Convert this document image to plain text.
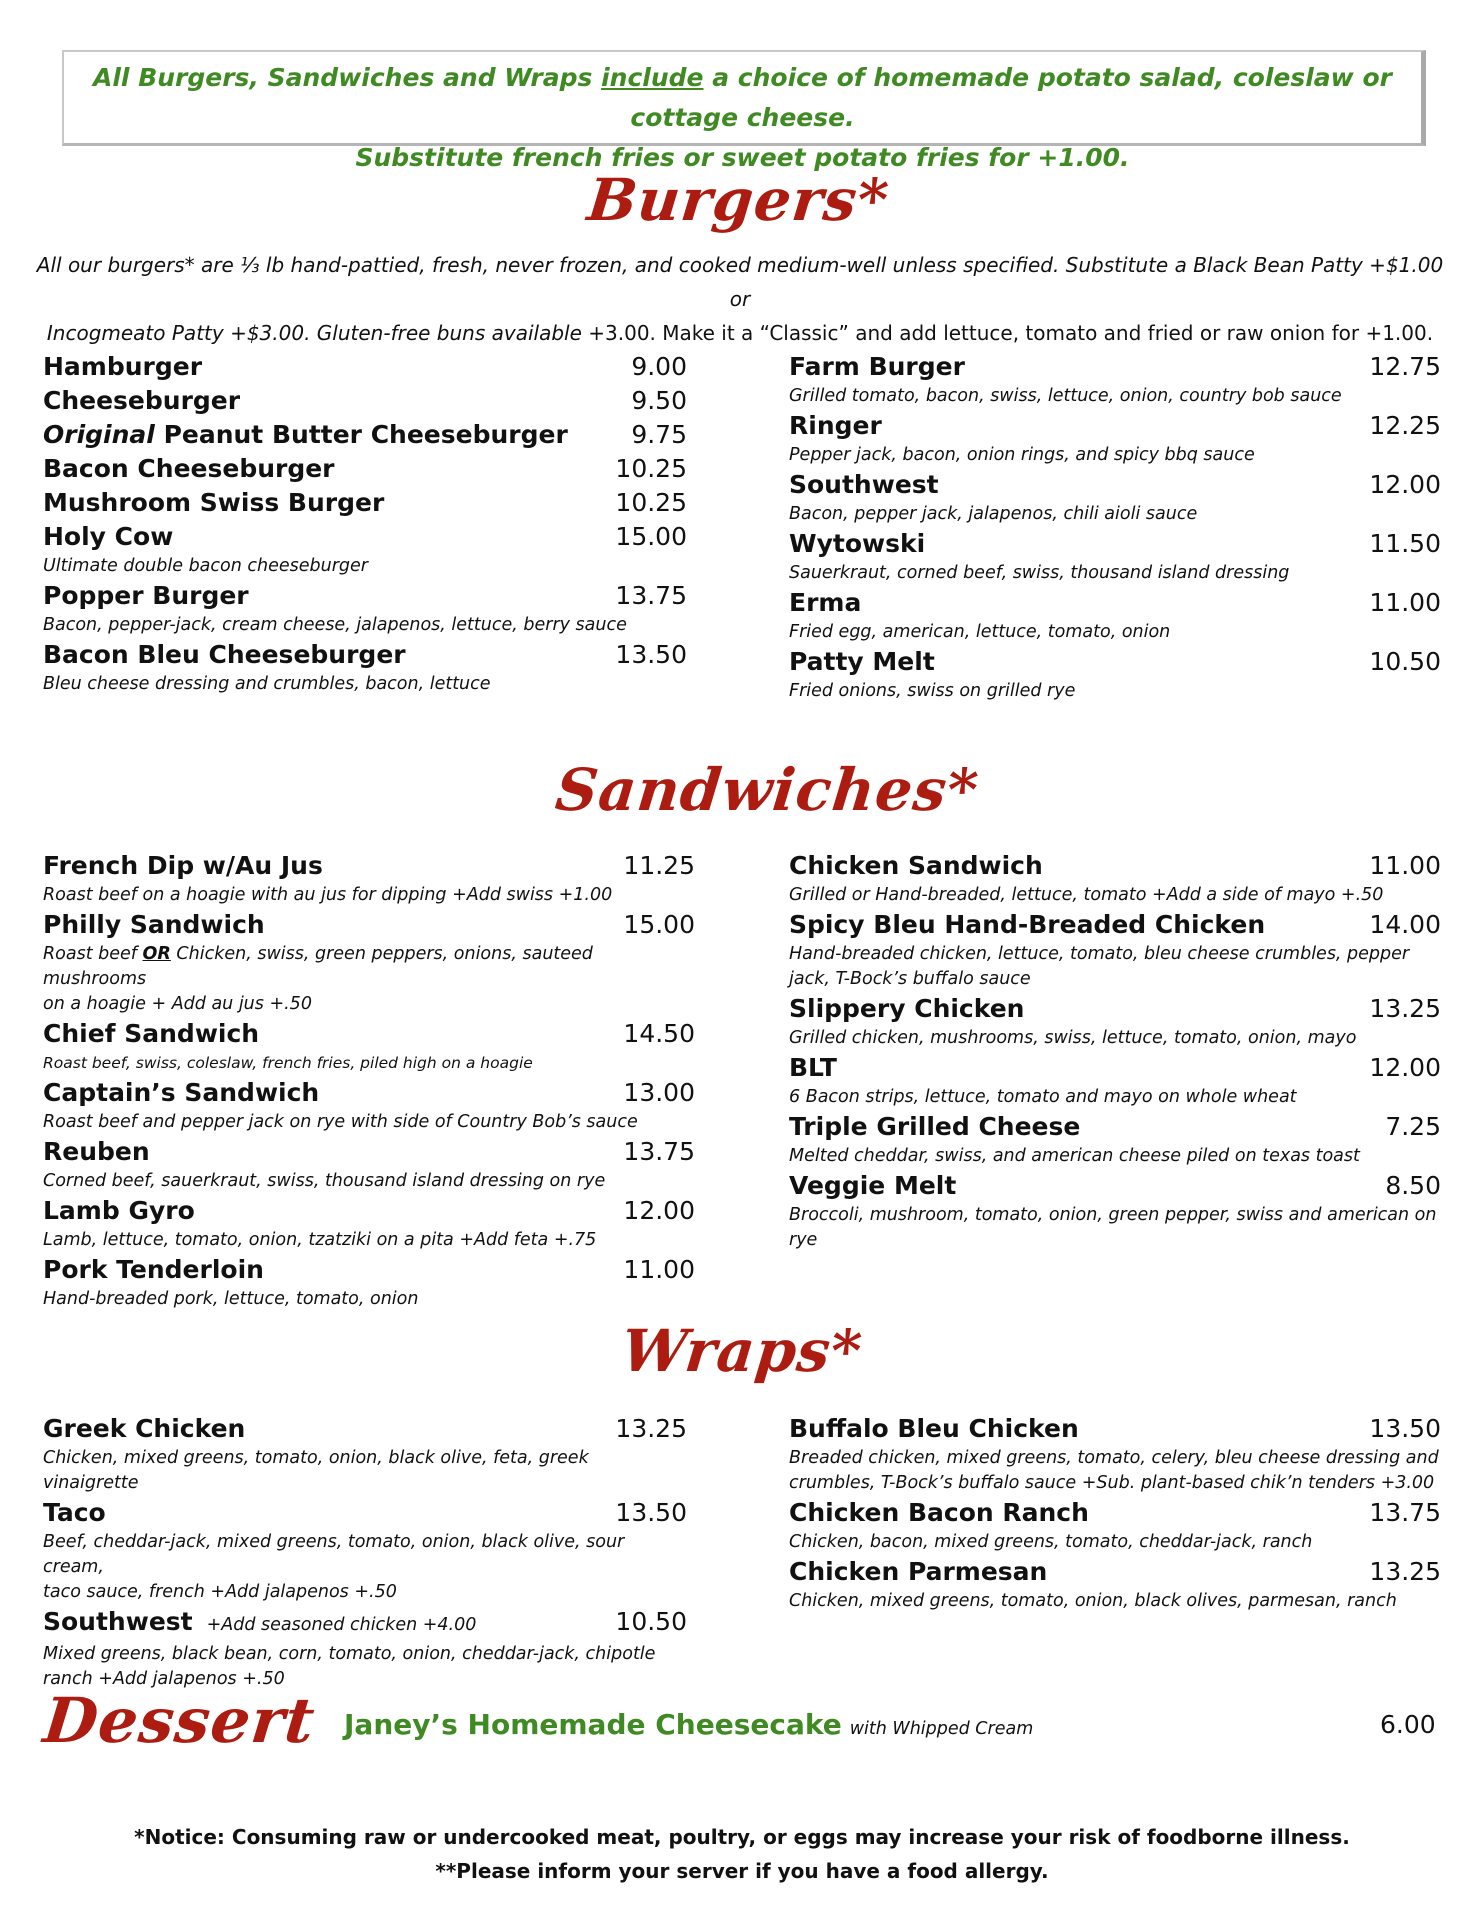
All Burgers, Sandwiches and Wraps include a choice of homemade potato salad, coleslaw or cottage cheese.
Substitute french fries or sweet potato fries for +1.00.
Burgers*
All our burgers* are ⅓ lb hand-pattied, fresh, never frozen, and cooked medium-well unless specified. Substitute a Black Bean Patty +$1.00 or
Incogmeato Patty +$3.00. Gluten-free buns available +3.00. Make it a “Classic” and add lettuce, tomato and fried or raw onion for +1.00.
Hamburger	9.00
Cheeseburger	9.50
Original Peanut Butter Cheeseburger	9.75
Bacon Cheeseburger	10.25
Mushroom Swiss Burger	10.25
Holy Cow	15.00
Ultimate double bacon cheeseburger
Popper Burger	13.75
Bacon, pepper-jack, cream cheese, jalapenos, lettuce, berry sauce
Bacon Bleu Cheeseburger	13.50
Bleu cheese dressing and crumbles, bacon, lettuce
Farm Burger	12.75
Grilled tomato, bacon, swiss, lettuce, onion, country bob sauce
Ringer	12.25
Pepper jack, bacon, onion rings, and spicy bbq sauce
Southwest	12.00
Bacon, pepper jack, jalapenos, chili aioli sauce
Wytowski	11.50
Sauerkraut, corned beef, swiss, thousand island dressing
Erma	11.00
Fried egg, american, lettuce, tomato, onion
Patty Melt	10.50
Fried onions, swiss on grilled rye
Sandwiches*
French Dip w/Au Jus	11.25
Roast beef on a hoagie with au jus for dipping +Add swiss +1.00
Philly Sandwich	15.00
Roast beef OR Chicken, swiss, green peppers, onions, sauteed mushrooms
on a hoagie + Add au jus +.50
Chief Sandwich	14.50
Roast beef, swiss, coleslaw, french fries, piled high on a hoagie
Captain’s Sandwich	13.00
Roast beef and pepper jack on rye with side of Country Bob’s sauce
Reuben	13.75
Corned beef, sauerkraut, swiss, thousand island dressing on rye
Lamb Gyro	12.00
Lamb, lettuce, tomato, onion, tzatziki on a pita +Add feta +.75
Pork Tenderloin	11.00
Hand-breaded pork, lettuce, tomato, onion
Chicken Sandwich	11.00
Grilled or Hand-breaded, lettuce, tomato +Add a side of mayo +.50
Spicy Bleu Hand-Breaded Chicken	14.00
Hand-breaded chicken, lettuce, tomato, bleu cheese crumbles, pepper
jack, T-Bock’s buffalo sauce
Slippery Chicken	13.25
Grilled chicken, mushrooms, swiss, lettuce, tomato, onion, mayo
BLT	12.00
6 Bacon strips, lettuce, tomato and mayo on whole wheat
Triple Grilled Cheese	7.25
Melted cheddar, swiss, and american cheese piled on texas toast
Veggie Melt	8.50
Broccoli, mushroom, tomato, onion, green pepper, swiss and american on
rye
Wraps*
Greek Chicken	13.25
Chicken, mixed greens, tomato, onion, black olive, feta, greek vinaigrette
Taco	13.50
Beef, cheddar-jack, mixed greens, tomato, onion, black olive, sour cream,
taco sauce, french +Add jalapenos +.50
Southwest +Add seasoned chicken +4.00	10.50
Mixed greens, black bean, corn, tomato, onion, cheddar-jack, chipotle
ranch +Add jalapenos +.50
Buffalo Bleu Chicken	13.50
Breaded chicken, mixed greens, tomato, celery, bleu cheese dressing and
crumbles, T-Bock’s buffalo sauce +Sub. plant-based chik’n tenders +3.00
Chicken Bacon Ranch	13.75
Chicken, bacon, mixed greens, tomato, cheddar-jack, ranch
Chicken Parmesan	13.25
Chicken, mixed greens, tomato, onion, black olives, parmesan, ranch
Dessert Janey’s Homemade Cheesecake with Whipped Cream	6.00
*Notice: Consuming raw or undercooked meat, poultry, or eggs may increase your risk of foodborne illness.
**Please inform your server if you have a food allergy.
